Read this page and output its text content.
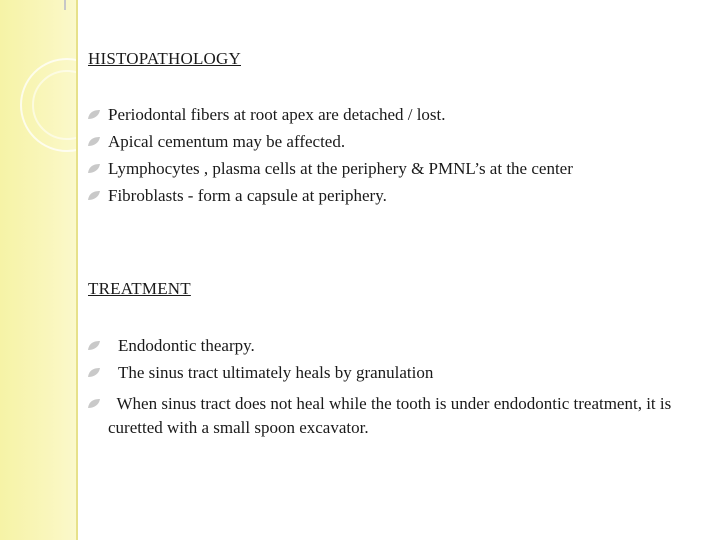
HISTOPATHOLOGY
Periodontal fibers at root apex are detached / lost.
Apical cementum may be affected.
Lymphocytes , plasma cells at the periphery & PMNL’s at the center
Fibroblasts - form a capsule at periphery.
TREATMENT
Endodontic thearpy.
The sinus tract ultimately heals by granulation
When sinus tract does not heal while the tooth is under endodontic treatment, it is curetted with a small spoon excavator.
